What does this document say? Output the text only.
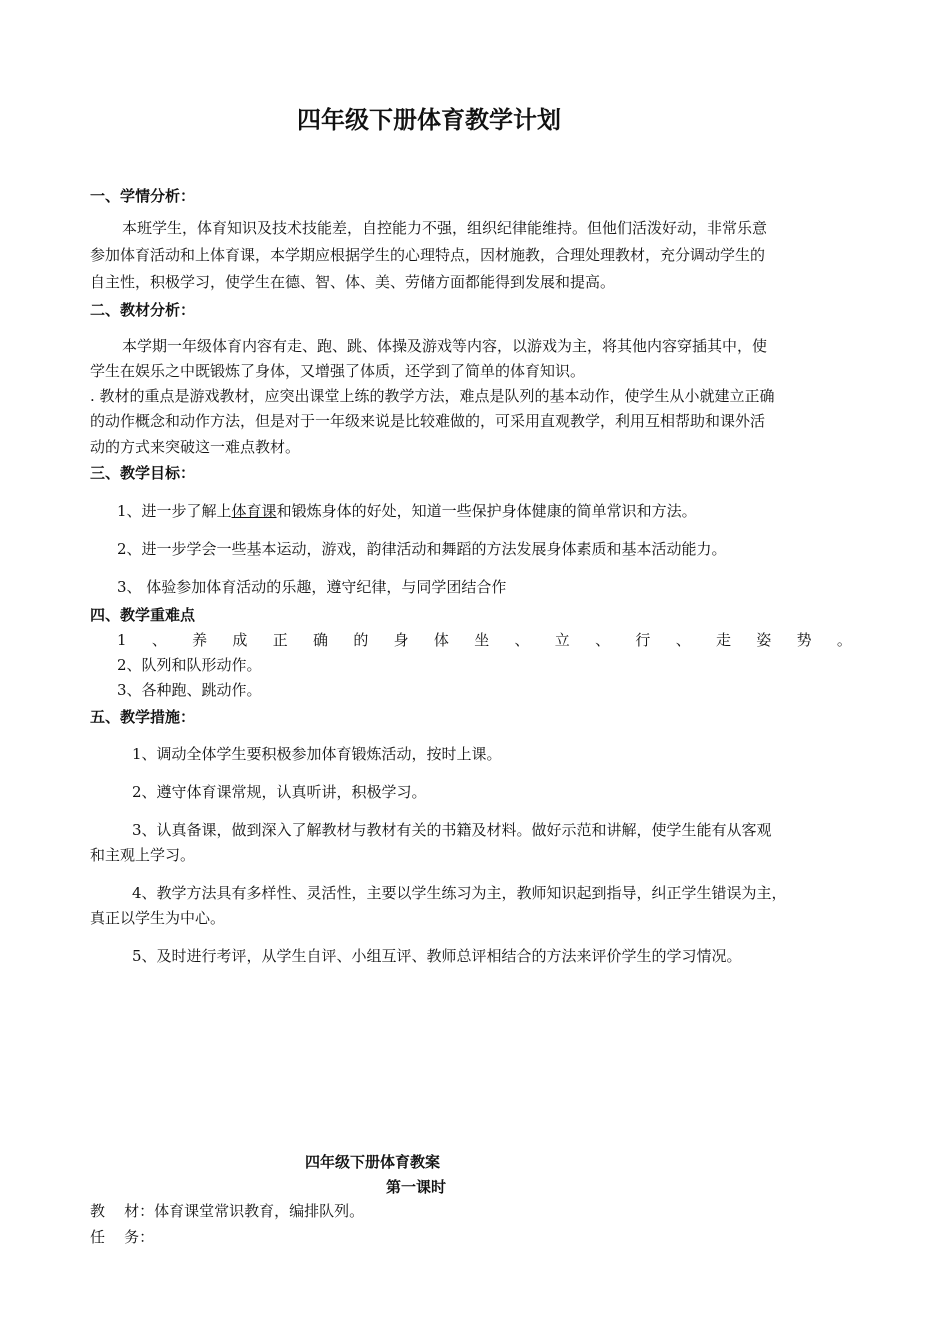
四年级下册体育教学计划
一、学情分析：
本班学生，体育知识及技术技能差，自控能力不强，组织纪律能维持。但他们活泼好动，非常乐意
参加体育活动和上体育课，本学期应根据学生的心理特点，因材施教，合理处理教材，充分调动学生的
自主性，积极学习，使学生在德、智、体、美、劳储方面都能得到发展和提高。
二、教材分析：
本学期一年级体育内容有走、跑、跳、体操及游戏等内容，以游戏为主，将其他内容穿插其中，使
学生在娱乐之中既锻炼了身体，又增强了体质，还学到了简单的体育知识。
. 教材的重点是游戏教材，应突出课堂上练的教学方法，难点是队列的基本动作，使学生从小就建立正确
的动作概念和动作方法，但是对于一年级来说是比较难做的，可采用直观教学，利用互相帮助和课外活
动的方式来突破这一难点教材。
三、教学目标：
1、进一步了解上体育课和锻炼身体的好处，知道一些保护身体健康的简单常识和方法。
2、进一步学会一些基本运动，游戏，韵律活动和舞蹈的方法发展身体素质和基本活动能力。
3、 体验参加体育活动的乐趣，遵守纪律，与同学团结合作
四、教学重难点
1 、 养 成 正 确 的 身 体 坐 、 立 、 行 、 走 姿 势 。
2、队列和队形动作。
3、各种跑、跳动作。
五、教学措施：
1、调动全体学生要积极参加体育锻炼活动，按时上课。
2、遵守体育课常规，认真听讲，积极学习。
3、认真备课，做到深入了解教材与教材有关的书籍及材料。做好示范和讲解，使学生能有从客观
和主观上学习。
4、教学方法具有多样性、灵活性，主要以学生练习为主，教师知识起到指导，纠正学生错误为主，
真正以学生为中心。
5、及时进行考评，从学生自评、小组互评、教师总评相结合的方法来评价学生的学习情况。
四年级下册体育教案
第一课时
教    材：体育课堂常识教育，编排队列。
任    务：
